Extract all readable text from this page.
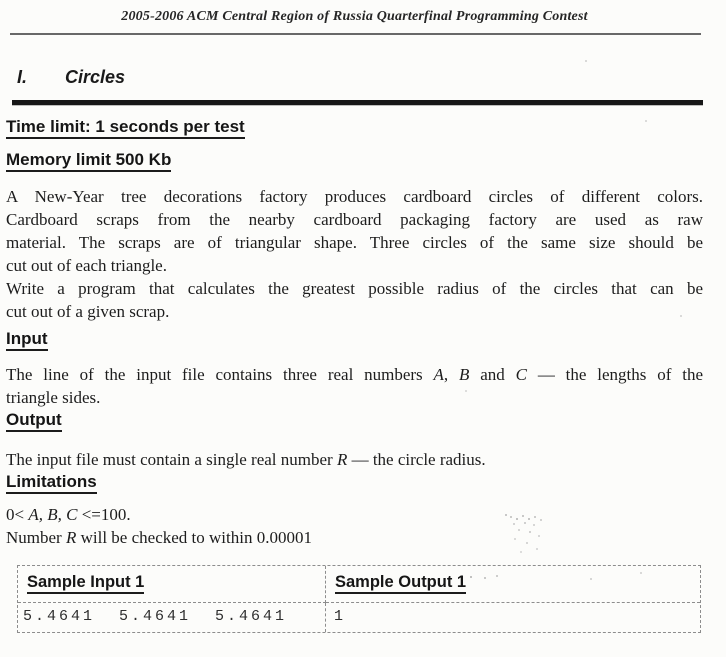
2005-2006 ACM Central Region of Russia Quarterfinal Programming Contest
I. Circles
Time limit: 1 seconds per test
Memory limit 500 Kb
A New-Year tree decorations factory produces cardboard circles of different colors.
Cardboard scraps from the nearby cardboard packaging factory are used as raw
material. The scraps are of triangular shape. Three circles of the same size should be
cut out of each triangle.
Write a program that calculates the greatest possible radius of the circles that can be
cut out of a given scrap.
Input
The line of the input file contains three real numbers A, B and C — the lengths of the
triangle sides.
Output
The input file must contain a single real number R — the circle radius.
Limitations
0< A, B, C <=100.
Number R will be checked to within 0.00001
Sample Input 1	Sample Output 1
5.4641  5.4641  5.4641	1
